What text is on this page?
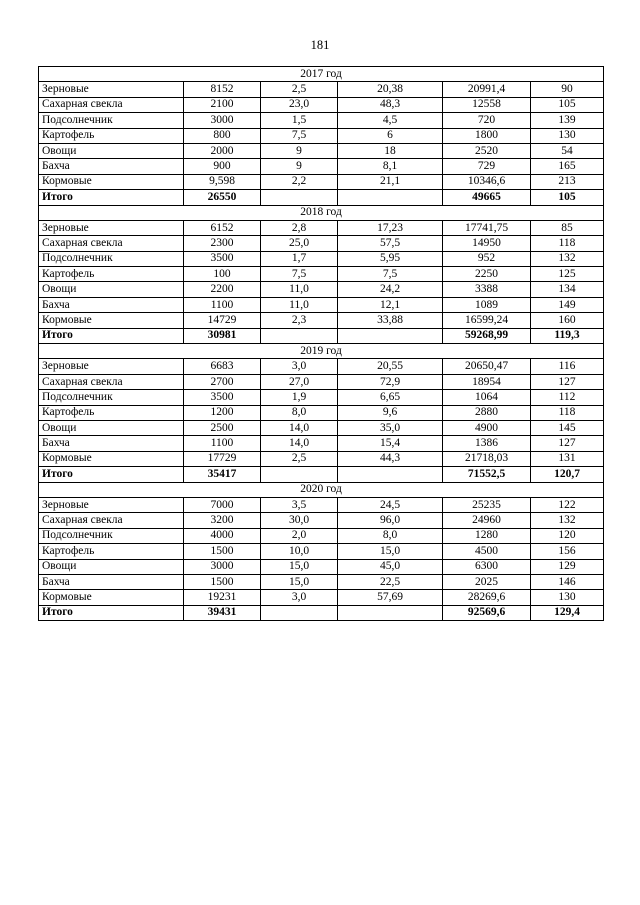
181
2017 год					
Зерновые	8152	2,5	20,38	20991,4	90
Сахарная свекла	2100	23,0	48,3	12558	105
Подсолнечник	3000	1,5	4,5	720	139
Картофель	800	7,5	6	1800	130
Овощи	2000	9	18	2520	54
Бахча	900	9	8,1	729	165
Кормовые	9,598	2,2	21,1	10346,6	213
Итого	26550			49665	105
2018 год					
Зерновые	6152	2,8	17,23	17741,75	85
Сахарная свекла	2300	25,0	57,5	14950	118
Подсолнечник	3500	1,7	5,95	952	132
Картофель	100	7,5	7,5	2250	125
Овощи	2200	11,0	24,2	3388	134
Бахча	1100	11,0	12,1	1089	149
Кормовые	14729	2,3	33,88	16599,24	160
Итого	30981			59268,99	119,3
2019 год					
Зерновые	6683	3,0	20,55	20650,47	116
Сахарная свекла	2700	27,0	72,9	18954	127
Подсолнечник	3500	1,9	6,65	1064	112
Картофель	1200	8,0	9,6	2880	118
Овощи	2500	14,0	35,0	4900	145
Бахча	1100	14,0	15,4	1386	127
Кормовые	17729	2,5	44,3	21718,03	131
Итого	35417			71552,5	120,7
2020 год					
Зерновые	7000	3,5	24,5	25235	122
Сахарная свекла	3200	30,0	96,0	24960	132
Подсолнечник	4000	2,0	8,0	1280	120
Картофель	1500	10,0	15,0	4500	156
Овощи	3000	15,0	45,0	6300	129
Бахча	1500	15,0	22,5	2025	146
Кормовые	19231	3,0	57,69	28269,6	130
Итого	39431			92569,6	129,4
